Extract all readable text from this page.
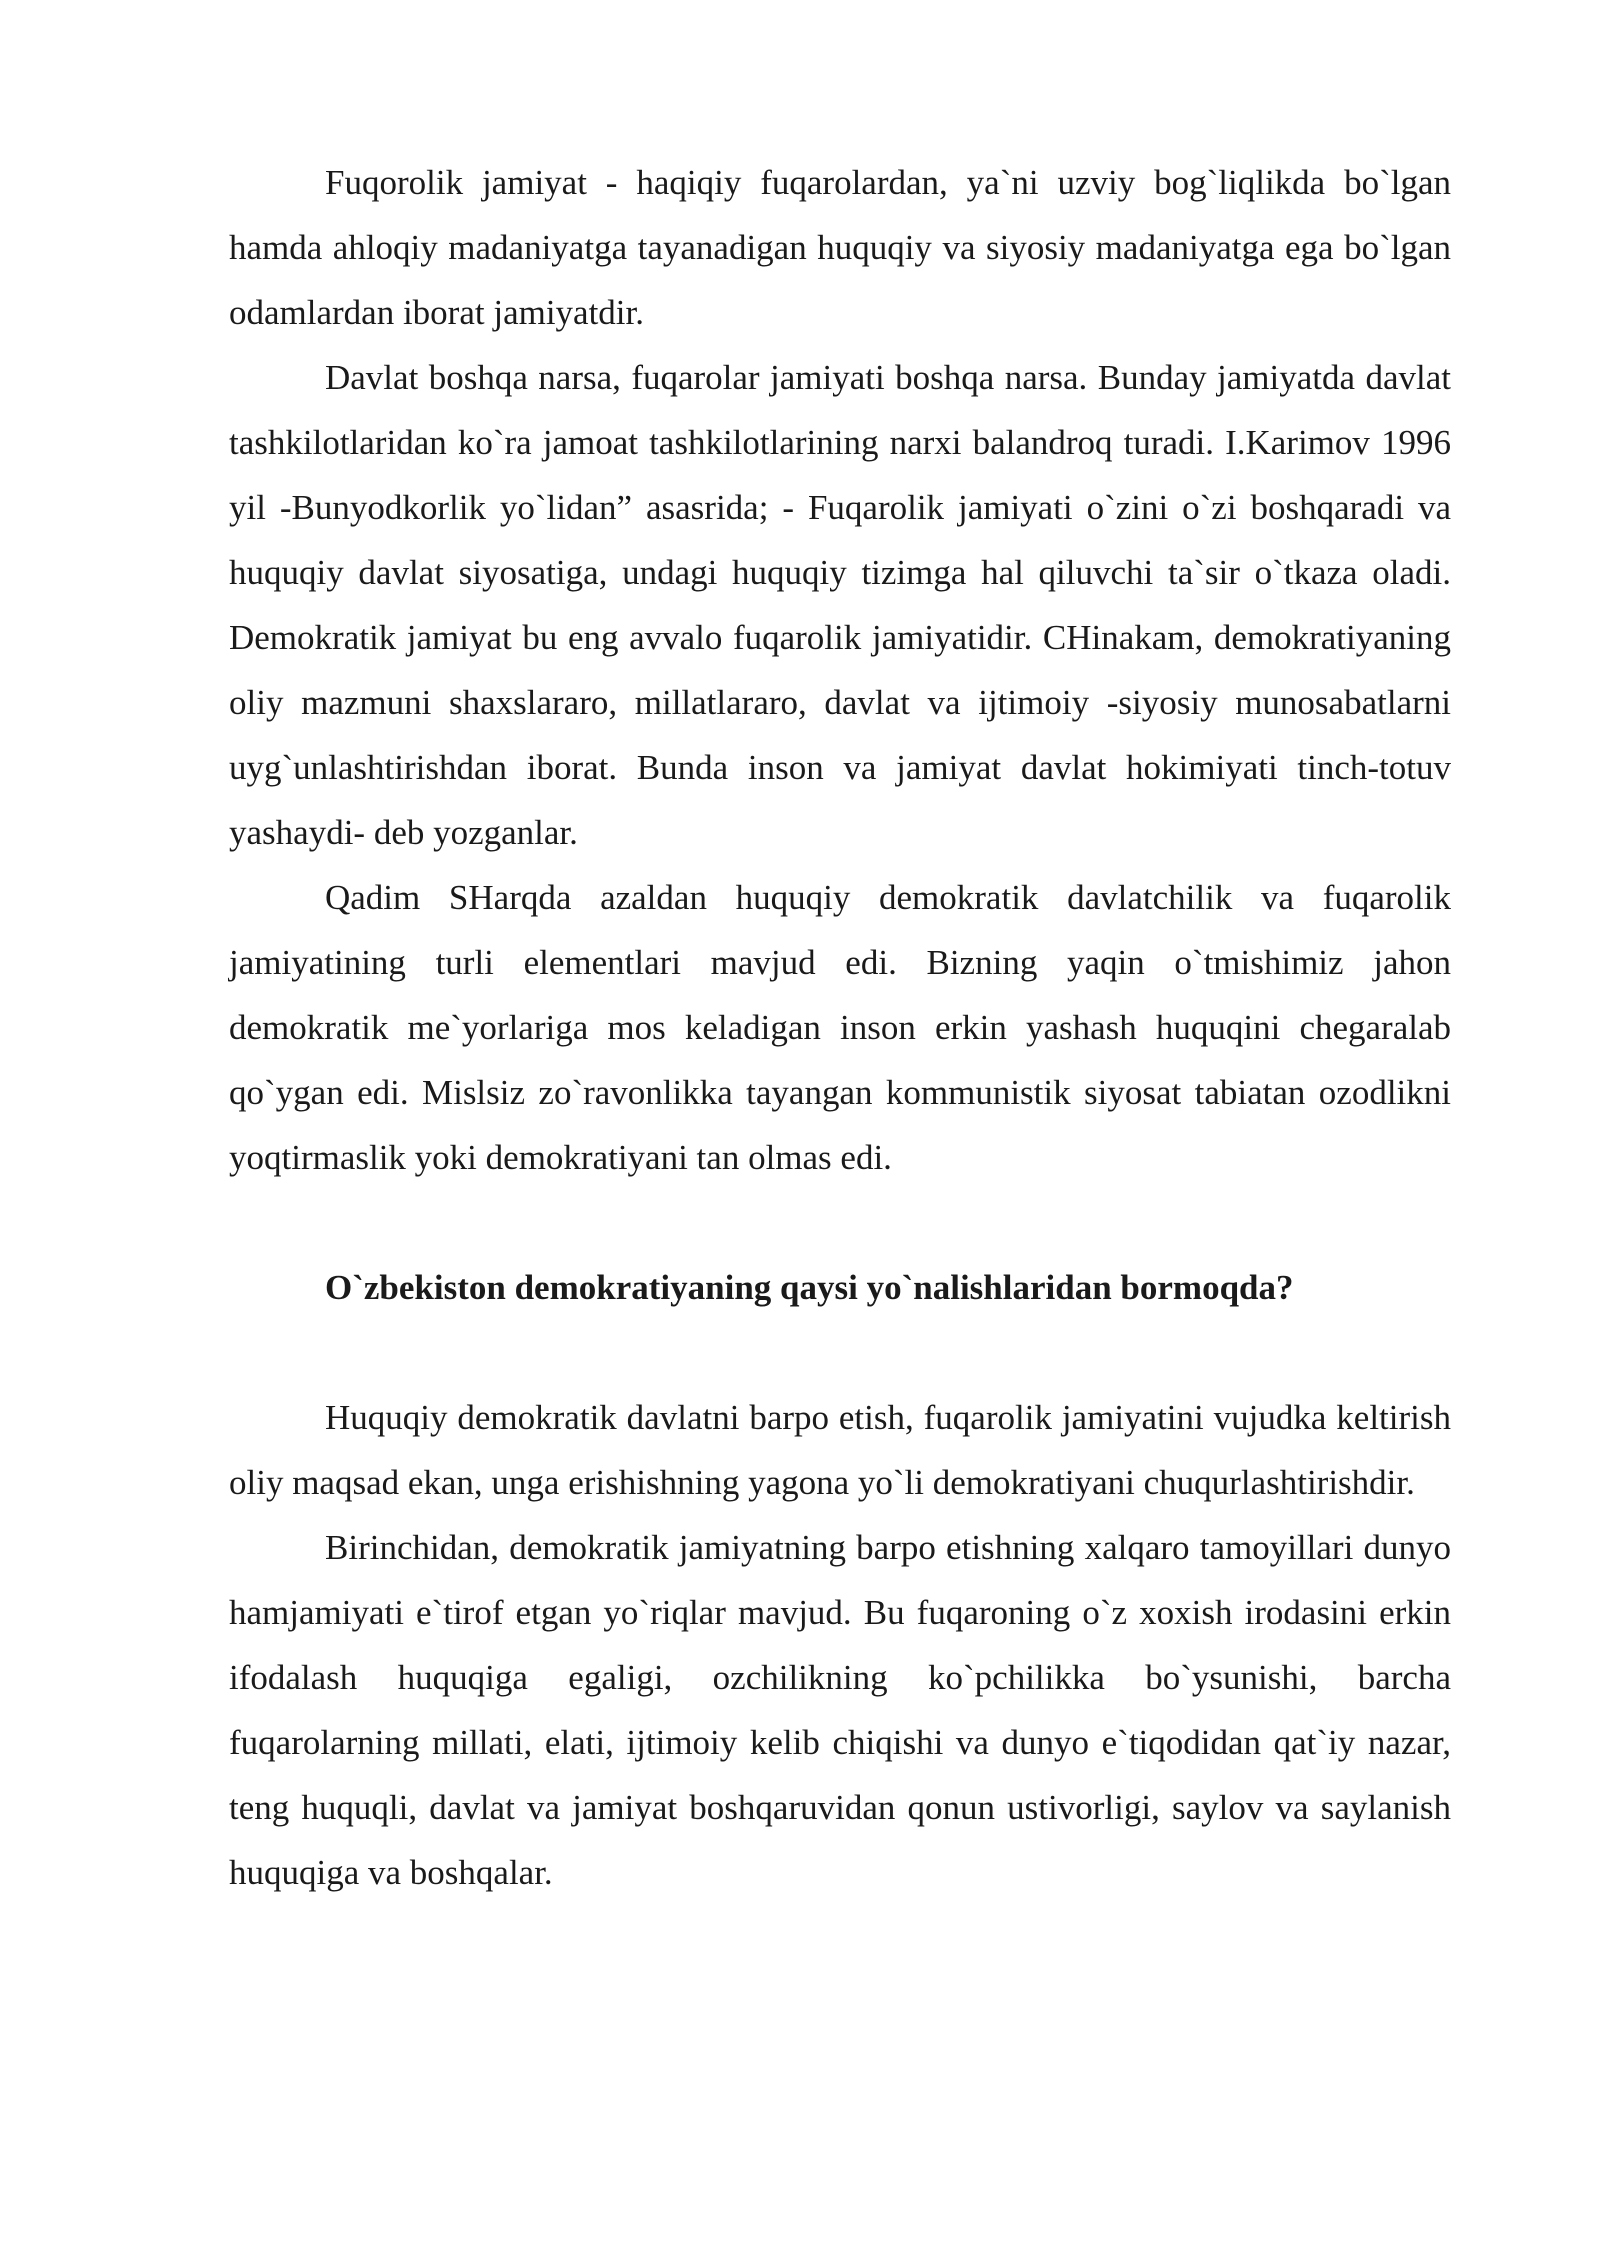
Fuqorolik jamiyat - haqiqiy fuqarolardan, ya`ni uzviy bog`liqlikda bo`lgan hamda ahloqiy madaniyatga tayanadigan huquqiy va siyosiy madaniyatga ega bo`lgan odamlardan iborat jamiyatdir.

Davlat boshqa narsa, fuqarolar jamiyati boshqa narsa. Bunday jamiyatda davlat tashkilotlaridan ko`ra jamoat tashkilotlarining narxi balandroq turadi. I.Karimov 1996 yil -Bunyodkorlik yo`lidan” asasrida; - Fuqarolik jamiyati o`zini o`zi boshqaradi va huquqiy davlat siyosatiga, undagi huquqiy tizimga hal qiluvchi ta`sir o`tkaza oladi. Demokratik jamiyat bu eng avvalo fuqarolik jamiyatidir. CHinakam, demokratiyaning oliy mazmuni shaxslararo, millatlararo, davlat va ijtimoiy -siyosiy munosabatlarni uyg`unlashtirishdan iborat. Bunda inson va jamiyat davlat hokimiyati tinch-totuv yashaydi- deb yozganlar.

Qadim SHarqda azaldan huquqiy demokratik davlatchilik va fuqarolik jamiyatining turli elementlari mavjud edi. Bizning yaqin o`tmishimiz jahon demokratik me`yorlariga mos keladigan inson erkin yashash huquqini chegaralab qo`ygan edi. Mislsiz zo`ravonlikka tayangan kommunistik siyosat tabiatan ozodlikni yoqtirmaslik yoki demokratiyani tan olmas edi.

O`zbekiston demokratiyaning qaysi yo`nalishlaridan bormoqda?

Huquqiy demokratik davlatni barpo etish, fuqarolik jamiyatini vujudka keltirish oliy maqsad ekan, unga erishishning yagona yo`li demokratiyani chuqurlashtirishdir.

Birinchidan, demokratik jamiyatning barpo etishning xalqaro tamoyillari dunyo hamjamiyati e`tirof etgan yo`riqlar mavjud. Bu fuqaroning o`z xoxish irodasini erkin ifodalash huquqiga egaligi, ozchilikning ko`pchilikka bo`ysunishi, barcha fuqarolarning millati, elati, ijtimoiy kelib chiqishi va dunyo e`tiqodidan qat`iy nazar, teng huquqli, davlat va jamiyat boshqaruvidan qonun ustivorligi, saylov va saylanish huquqiga va boshqalar.
